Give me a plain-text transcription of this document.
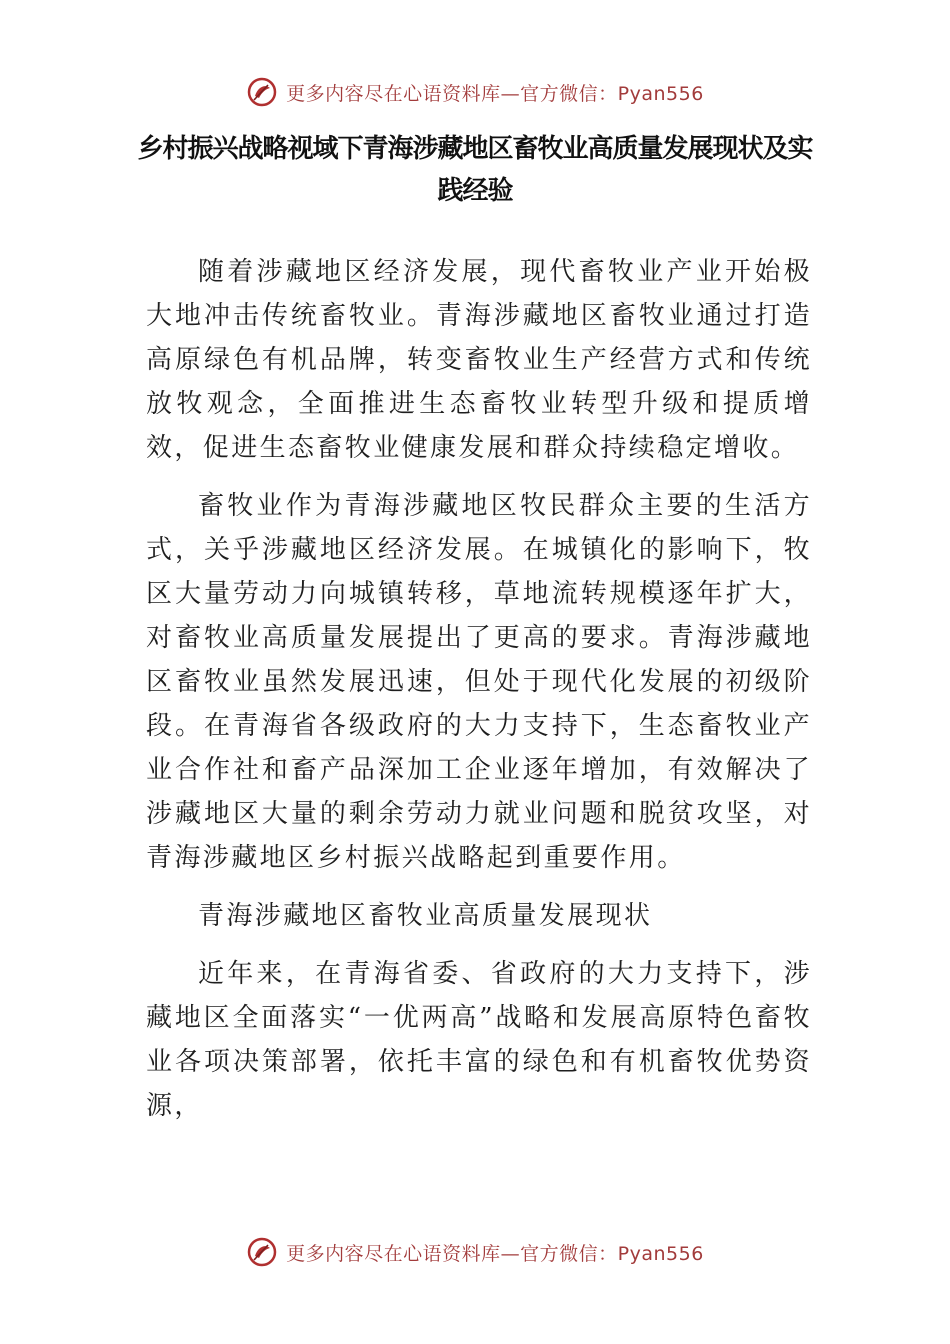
更多内容尽在心语资料库—官方微信：Pyan556
乡村振兴战略视域下青海涉藏地区畜牧业高质量发展现状及实践经验

随着涉藏地区经济发展，现代畜牧业产业开始极大地冲击传统畜牧业。青海涉藏地区畜牧业通过打造高原绿色有机品牌，转变畜牧业生产经营方式和传统放牧观念，全面推进生态畜牧业转型升级和提质增效，促进生态畜牧业健康发展和群众持续稳定增收。

畜牧业作为青海涉藏地区牧民群众主要的生活方式，关乎涉藏地区经济发展。在城镇化的影响下，牧区大量劳动力向城镇转移，草地流转规模逐年扩大，对畜牧业高质量发展提出了更高的要求。青海涉藏地区畜牧业虽然发展迅速，但处于现代化发展的初级阶段。在青海省各级政府的大力支持下，生态畜牧业产业合作社和畜产品深加工企业逐年增加，有效解决了涉藏地区大量的剩余劳动力就业问题和脱贫攻坚，对青海涉藏地区乡村振兴战略起到重要作用。

青海涉藏地区畜牧业高质量发展现状

近年来，在青海省委、省政府的大力支持下，涉藏地区全面落实“一优两高”战略和发展高原特色畜牧业各项决策部署，依托丰富的绿色和有机畜牧优势资源，

更多内容尽在心语资料库—官方微信：Pyan556
